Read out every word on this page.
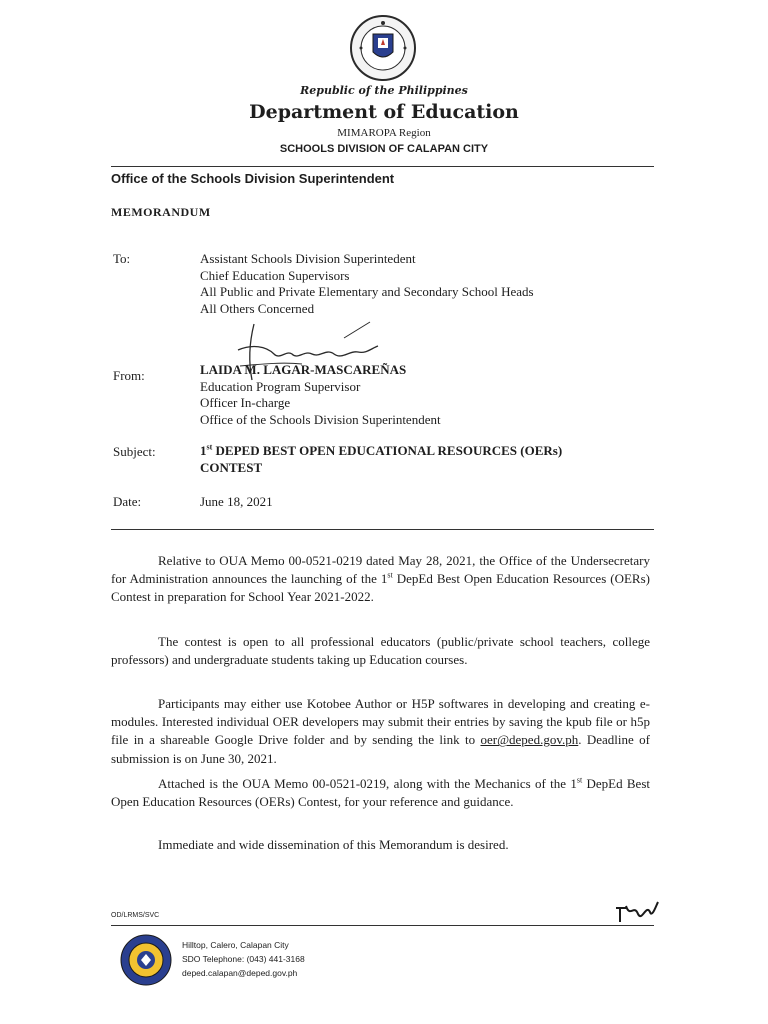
Republic of the Philippines
Department of Education
MIMAROPA Region
SCHOOLS DIVISION OF CALAPAN CITY
Office of the Schools Division Superintendent
MEMORANDUM
To:	Assistant Schools Division Superintedent
Chief Education Supervisors
All Public and Private Elementary and Secondary School Heads
All Others Concerned
From:	LAIDA M. LAGAR-MASCAREÑAS
Education Program Supervisor
Officer In-charge
Office of the Schools Division Superintendent
Subject:	1st DEPED BEST OPEN EDUCATIONAL RESOURCES (OERs)
CONTEST
Date:	June 18, 2021

Relative to OUA Memo 00-0521-0219 dated May 28, 2021, the Office of the Undersecretary for Administration announces the launching of the 1st DepEd Best Open Education Resources (OERs) Contest in preparation for School Year 2021-2022.

The contest is open to all professional educators (public/private school teachers, college professors) and undergraduate students taking up Education courses.

Participants may either use Kotobee Author or H5P softwares in developing and creating e-modules. Interested individual OER developers may submit their entries by saving the kpub file or h5p file in a shareable Google Drive folder and by sending the link to oer@deped.gov.ph. Deadline of submission is on June 30, 2021.

Attached is the OUA Memo 00-0521-0219, along with the Mechanics of the 1st DepEd Best Open Education Resources (OERs) Contest, for your reference and guidance.

Immediate and wide dissemination of this Memorandum is desired.

OD/LRMS/SVC
Hilltop, Calero, Calapan City
SDO Telephone: (043) 441-3168
deped.calapan@deped.gov.ph
